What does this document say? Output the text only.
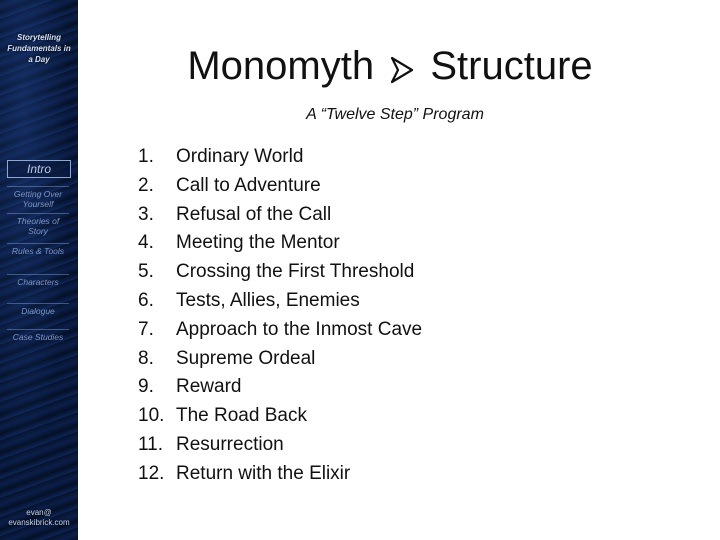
Storytelling Fundamentals in a Day
Intro
Getting Over Yourself
Theories of Story
Rules & Tools
Characters
Dialogue
Case Studies
evan@
evanskibrick.com
Monomyth Structure
A “Twelve Step” Program
1.	Ordinary World
2.	Call to Adventure
3.	Refusal of the Call
4.	Meeting the Mentor
5.	Crossing the First Threshold
6.	Tests, Allies, Enemies
7.	Approach to the Inmost Cave
8.	Supreme Ordeal
9.	Reward
10. The Road Back
11. Resurrection
12. Return with the Elixir
